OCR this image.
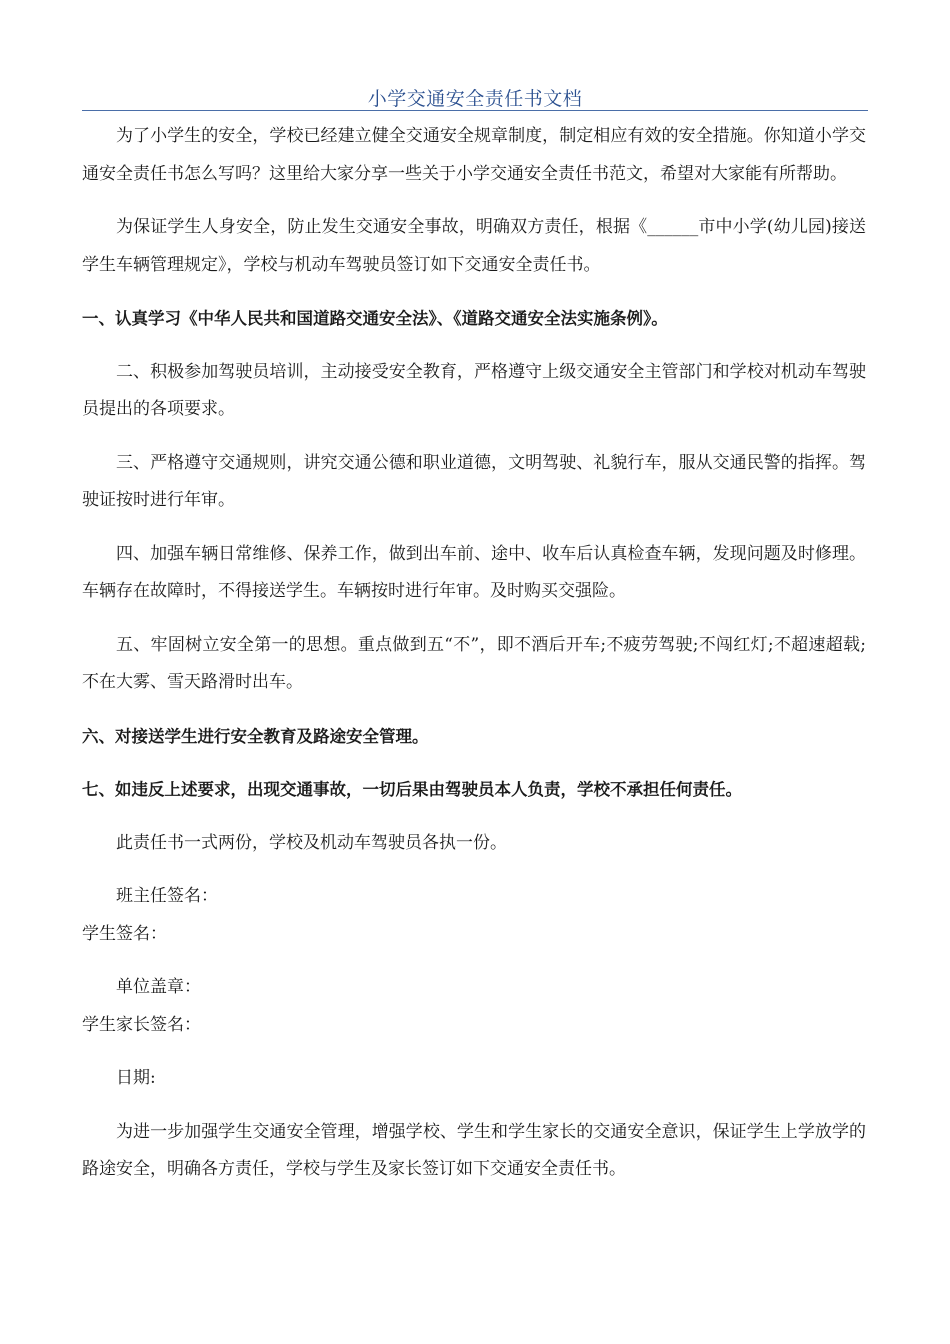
小学交通安全责任书文档

为了小学生的安全，学校已经建立健全交通安全规章制度，制定相应有效的安全措施。你知道小学交通安全责任书怎么写吗？这里给大家分享一些关于小学交通安全责任书范文，希望对大家能有所帮助。

为保证学生人身安全，防止发生交通安全事故，明确双方责任，根据《______市中小学(幼儿园)接送学生车辆管理规定》，学校与机动车驾驶员签订如下交通安全责任书。

一、认真学习《中华人民共和国道路交通安全法》、《道路交通安全法实施条例》。

二、积极参加驾驶员培训，主动接受安全教育，严格遵守上级交通安全主管部门和学校对机动车驾驶员提出的各项要求。

三、严格遵守交通规则，讲究交通公德和职业道德，文明驾驶、礼貌行车，服从交通民警的指挥。驾驶证按时进行年审。

四、加强车辆日常维修、保养工作，做到出车前、途中、收车后认真检查车辆，发现问题及时修理。车辆存在故障时，不得接送学生。车辆按时进行年审。及时购买交强险。

五、牢固树立安全第一的思想。重点做到五“不”，即不酒后开车;不疲劳驾驶;不闯红灯;不超速超载;不在大雾、雪天路滑时出车。

六、对接送学生进行安全教育及路途安全管理。

七、如违反上述要求，出现交通事故，一切后果由驾驶员本人负责，学校不承担任何责任。

此责任书一式两份，学校及机动车驾驶员各执一份。

班主任签名：

学生签名：

单位盖章：

学生家长签名：

日期:

为进一步加强学生交通安全管理，增强学校、学生和学生家长的交通安全意识，保证学生上学放学的路途安全，明确各方责任，学校与学生及家长签订如下交通安全责任书。
